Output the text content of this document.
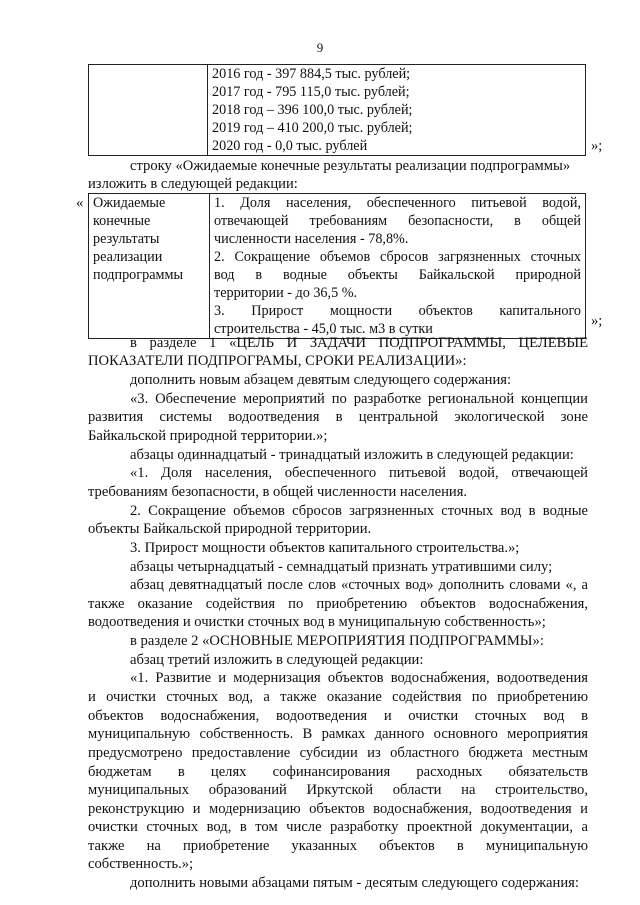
9

2016 год - 397 884,5 тыс. рублей;
2017 год - 795 115,0 тыс. рублей;
2018 год – 396 100,0 тыс. рублей;
2019 год – 410 200,0 тыс. рублей;
2020 год - 0,0 тыс. рублей	»;
строку «Ожидаемые конечные результаты реализации подпрограммы»
изложить в следующей редакции:
« Ожидаемые
конечные
результаты
реализации
подпрограммы

1. Доля населения, обеспеченного питьевой водой,
отвечающей требованиям безопасности, в общей
численности населения - 78,8%.
2. Сокращение объемов сбросов загрязненных сточных
вод в водные объекты Байкальской природной
территории - до 36,5 %.
3. Прирост мощности объектов капитального
строительства - 45,0 тыс. м3 в сутки	»;
в разделе 1 «ЦЕЛЬ И ЗАДАЧИ ПОДПРОГРАММЫ, ЦЕЛЕВЫЕ
ПОКАЗАТЕЛИ ПОДПРОГРАМЫ, СРОКИ РЕАЛИЗАЦИИ»:
дополнить новым абзацем девятым следующего содержания:
«3. Обеспечение мероприятий по разработке региональной концепции
развития системы водоотведения в центральной экологической зоне
Байкальской природной территории.»;
абзацы одиннадцатый - тринадцатый изложить в следующей редакции:
«1. Доля населения, обеспеченного питьевой водой, отвечающей
требованиям безопасности, в общей численности населения.
2. Сокращение объемов сбросов загрязненных сточных вод в водные
объекты Байкальской природной территории.
3. Прирост мощности объектов капитального строительства.»;
абзацы четырнадцатый - семнадцатый признать утратившими силу;
абзац девятнадцатый после слов «сточных вод» дополнить словами «, а
также оказание содействия по приобретению объектов водоснабжения,
водоотведения и очистки сточных вод в муниципальную собственность»;
в разделе 2 «ОСНОВНЫЕ МЕРОПРИЯТИЯ ПОДПРОГРАММЫ»:
абзац третий изложить в следующей редакции:
«1. Развитие и модернизация объектов водоснабжения, водоотведения
и очистки сточных вод, а также оказание содействия по приобретению
объектов водоснабжения, водоотведения и очистки сточных вод в
муниципальную собственность. В рамках данного основного мероприятия
предусмотрено предоставление субсидии из областного бюджета местным
бюджетам в целях софинансирования расходных обязательств
муниципальных образований Иркутской области на строительство,
реконструкцию и модернизацию объектов водоснабжения, водоотведения и
очистки сточных вод, в том числе разработку проектной документации, а
также на приобретение указанных объектов в муниципальную
собственность.»;
дополнить новыми абзацами пятым - десятым следующего содержания:
